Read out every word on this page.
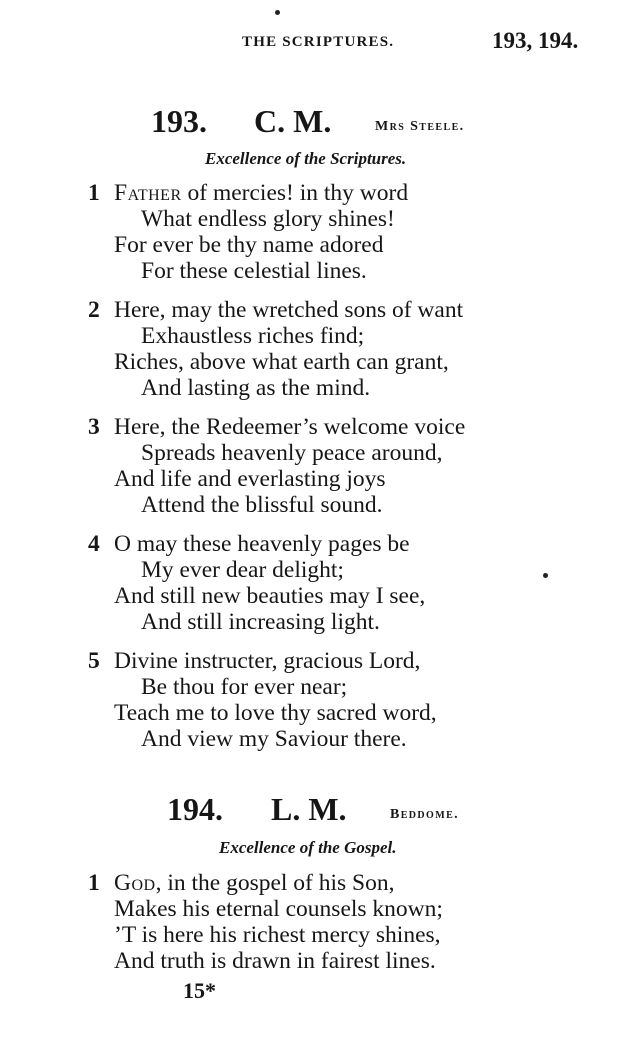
THE SCRIPTURES.	193, 194.
193. C. M.	Mrs Steele.
Excellence of the Scriptures.
1 Father of mercies! in thy word
What endless glory shines!
For ever be thy name adored
For these celestial lines.
2 Here, may the wretched sons of want
Exhaustless riches find;
Riches, above what earth can grant,
And lasting as the mind.
3 Here, the Redeemer’s welcome voice
Spreads heavenly peace around,
And life and everlasting joys
Attend the blissful sound.
4 O may these heavenly pages be
My ever dear delight;
And still new beauties may I see,
And still increasing light.
5 Divine instructer, gracious Lord,
Be thou for ever near;
Teach me to love thy sacred word,
And view my Saviour there.
194. L. M.	Beddome.
Excellence of the Gospel.
1 God, in the gospel of his Son,
Makes his eternal counsels known;
’T is here his richest mercy shines,
And truth is drawn in fairest lines.
15*
